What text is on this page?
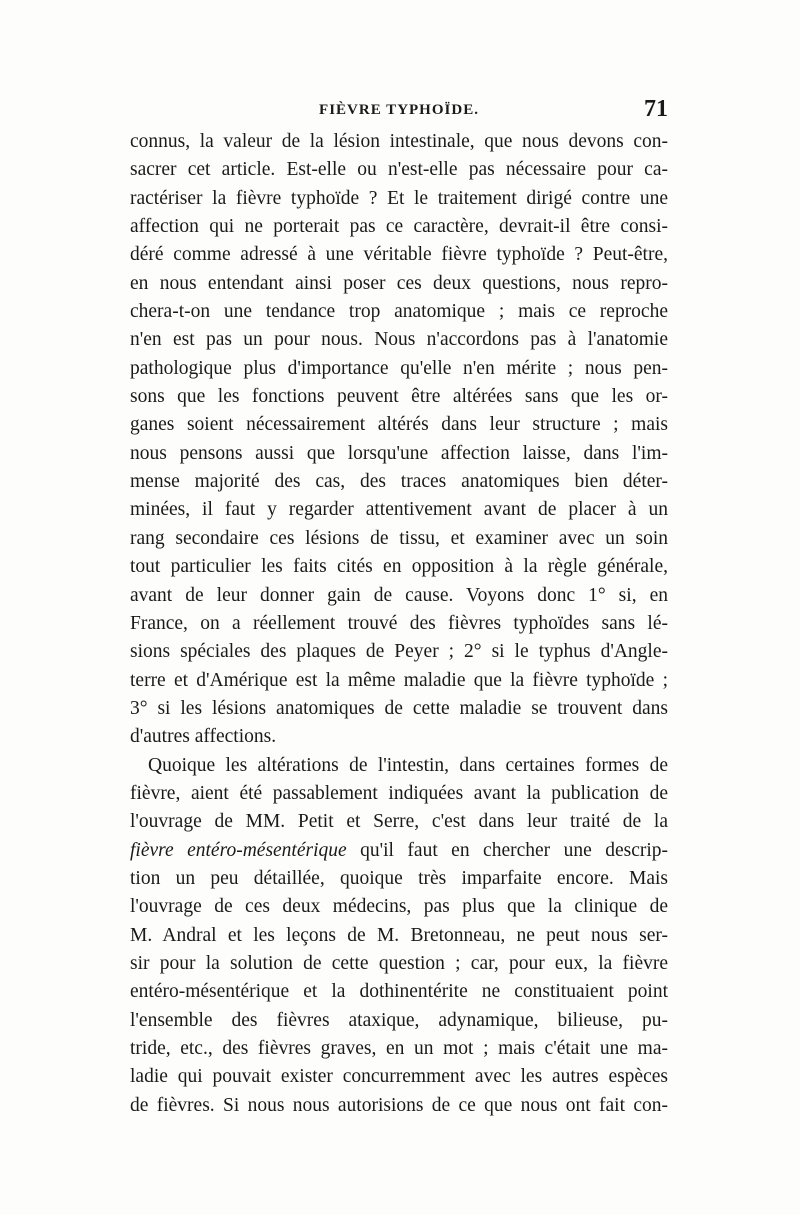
FIÈVRE TYPHOÏDE.	71
connus, la valeur de la lésion intestinale, que nous devons con-
sacrer cet article. Est-elle ou n'est-elle pas nécessaire pour ca-
ractériser la fièvre typhoïde ? Et le traitement dirigé contre une
affection qui ne porterait pas ce caractère, devrait-il être consi-
déré comme adressé à une véritable fièvre typhoïde ? Peut-être,
en nous entendant ainsi poser ces deux questions, nous repro-
chera-t-on une tendance trop anatomique ; mais ce reproche
n'en est pas un pour nous. Nous n'accordons pas à l'anatomie
pathologique plus d'importance qu'elle n'en mérite ; nous pen-
sons que les fonctions peuvent être altérées sans que les or-
ganes soient nécessairement altérés dans leur structure ; mais
nous pensons aussi que lorsqu'une affection laisse, dans l'im-
mense majorité des cas, des traces anatomiques bien déter-
minées, il faut y regarder attentivement avant de placer à un
rang secondaire ces lésions de tissu, et examiner avec un soin
tout particulier les faits cités en opposition à la règle générale,
avant de leur donner gain de cause. Voyons donc 1° si, en
France, on a réellement trouvé des fièvres typhoïdes sans lé-
sions spéciales des plaques de Peyer ; 2° si le typhus d'Angle-
terre et d'Amérique est la même maladie que la fièvre typhoïde ;
3° si les lésions anatomiques de cette maladie se trouvent dans
d'autres affections.
Quoique les altérations de l'intestin, dans certaines formes de
fièvre, aient été passablement indiquées avant la publication de
l'ouvrage de MM. Petit et Serre, c'est dans leur traité de la
fièvre entéro-mésentérique qu'il faut en chercher une descrip-
tion un peu détaillée, quoique très imparfaite encore. Mais
l'ouvrage de ces deux médecins, pas plus que la clinique de
M. Andral et les leçons de M. Bretonneau, ne peut nous ser-
sir pour la solution de cette question ; car, pour eux, la fièvre
entéro-mésentérique et la dothinentérite ne constituaient point
l'ensemble des fièvres ataxique, adynamique, bilieuse, pu-
tride, etc., des fièvres graves, en un mot ; mais c'était une ma-
ladie qui pouvait exister concurremment avec les autres espèces
de fièvres. Si nous nous autorisions de ce que nous ont fait con-
